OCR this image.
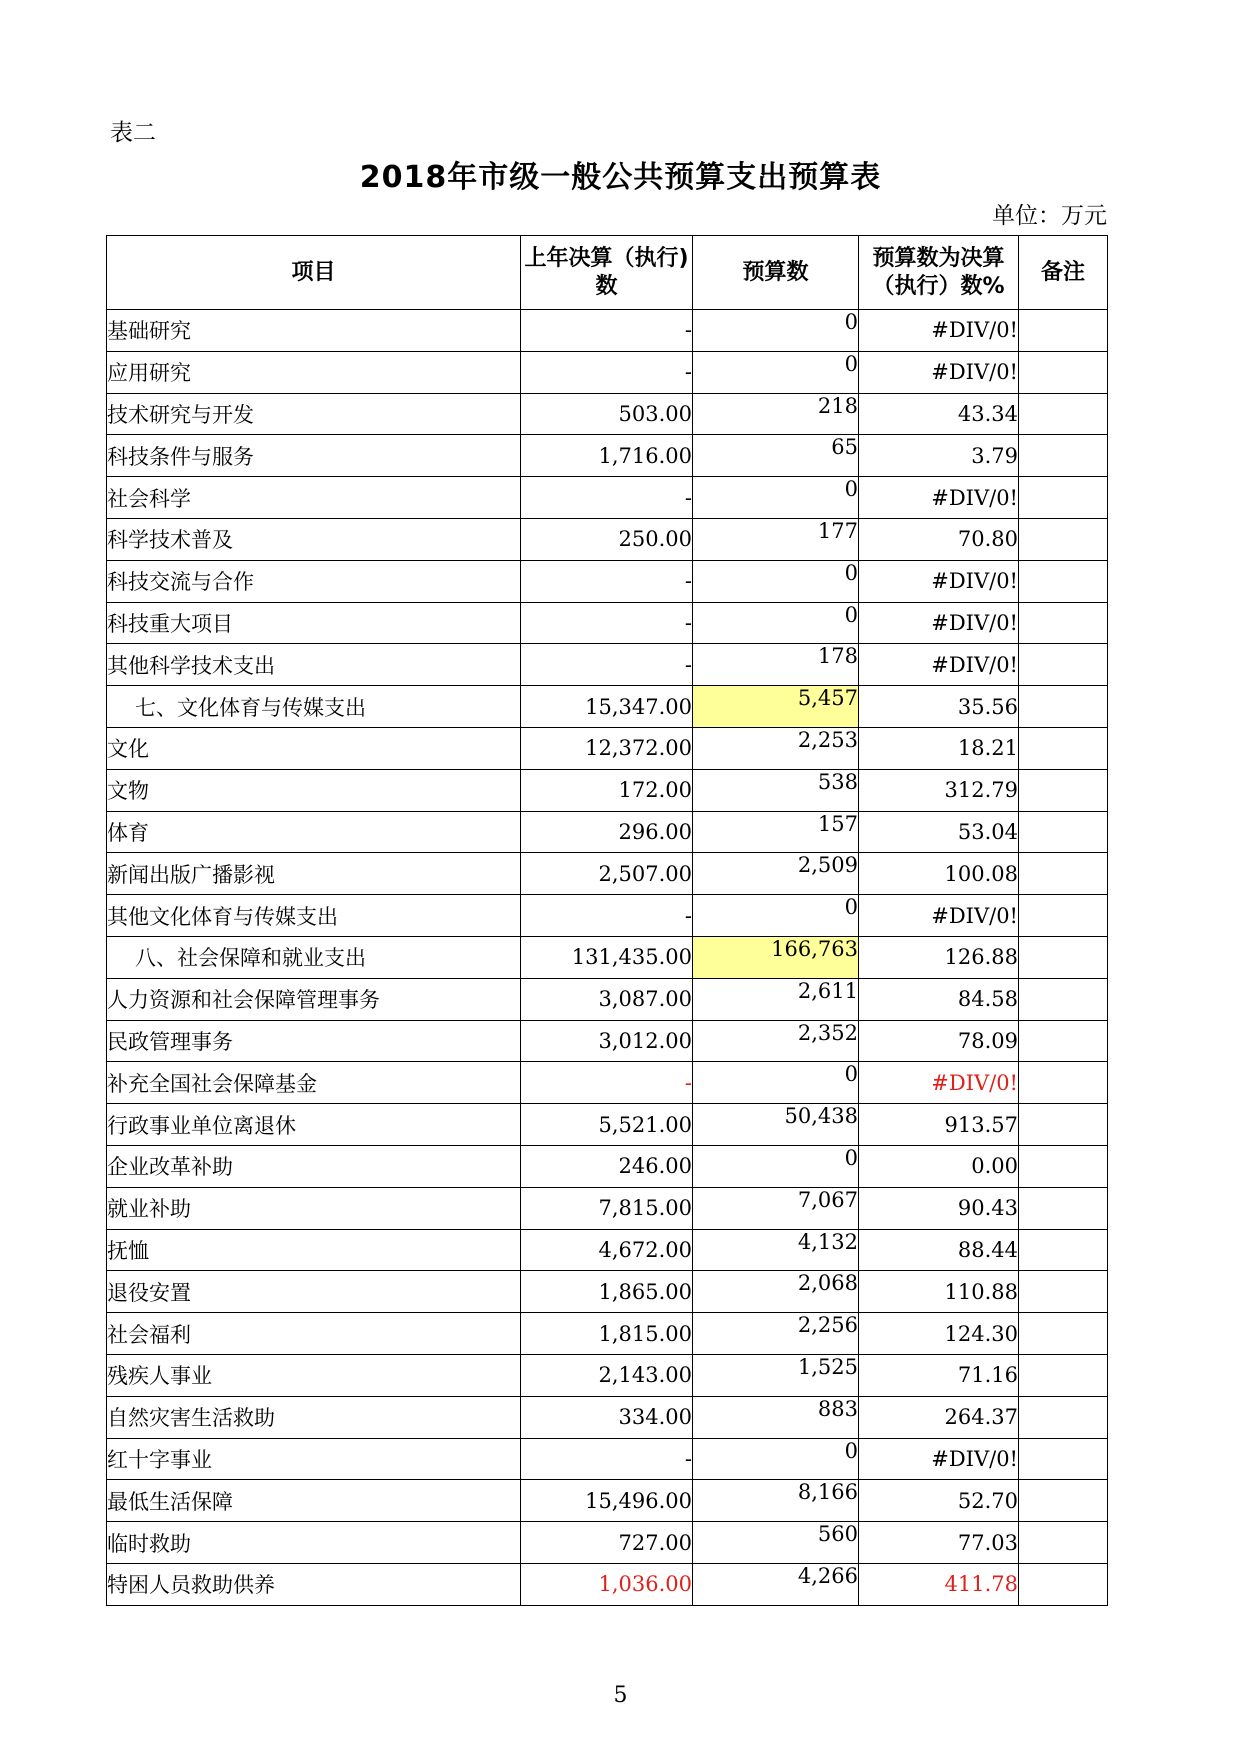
表二
2018年市级一般公共预算支出预算表
单位：万元
项目	上年决算（执行)数	预算数	预算数为决算（执行）数%	备注
基础研究	-	0	#DIV/0!	
应用研究	-	0	#DIV/0!	
技术研究与开发	503.00	218	43.34	
科技条件与服务	1,716.00	65	3.79	
社会科学	-	0	#DIV/0!	
科学技术普及	250.00	177	70.80	
科技交流与合作	-	0	#DIV/0!	
科技重大项目	-	0	#DIV/0!	
其他科学技术支出	-	178	#DIV/0!	
七、文化体育与传媒支出	15,347.00	5,457	35.56	
文化	12,372.00	2,253	18.21	
文物	172.00	538	312.79	
体育	296.00	157	53.04	
新闻出版广播影视	2,507.00	2,509	100.08	
其他文化体育与传媒支出	-	0	#DIV/0!	
八、社会保障和就业支出	131,435.00	166,763	126.88	
人力资源和社会保障管理事务	3,087.00	2,611	84.58	
民政管理事务	3,012.00	2,352	78.09	
补充全国社会保障基金	-	0	#DIV/0!	
行政事业单位离退休	5,521.00	50,438	913.57	
企业改革补助	246.00	0	0.00	
就业补助	7,815.00	7,067	90.43	
抚恤	4,672.00	4,132	88.44	
退役安置	1,865.00	2,068	110.88	
社会福利	1,815.00	2,256	124.30	
残疾人事业	2,143.00	1,525	71.16	
自然灾害生活救助	334.00	883	264.37	
红十字事业	-	0	#DIV/0!	
最低生活保障	15,496.00	8,166	52.70	
临时救助	727.00	560	77.03	
特困人员救助供养	1,036.00	4,266	411.78	
5
